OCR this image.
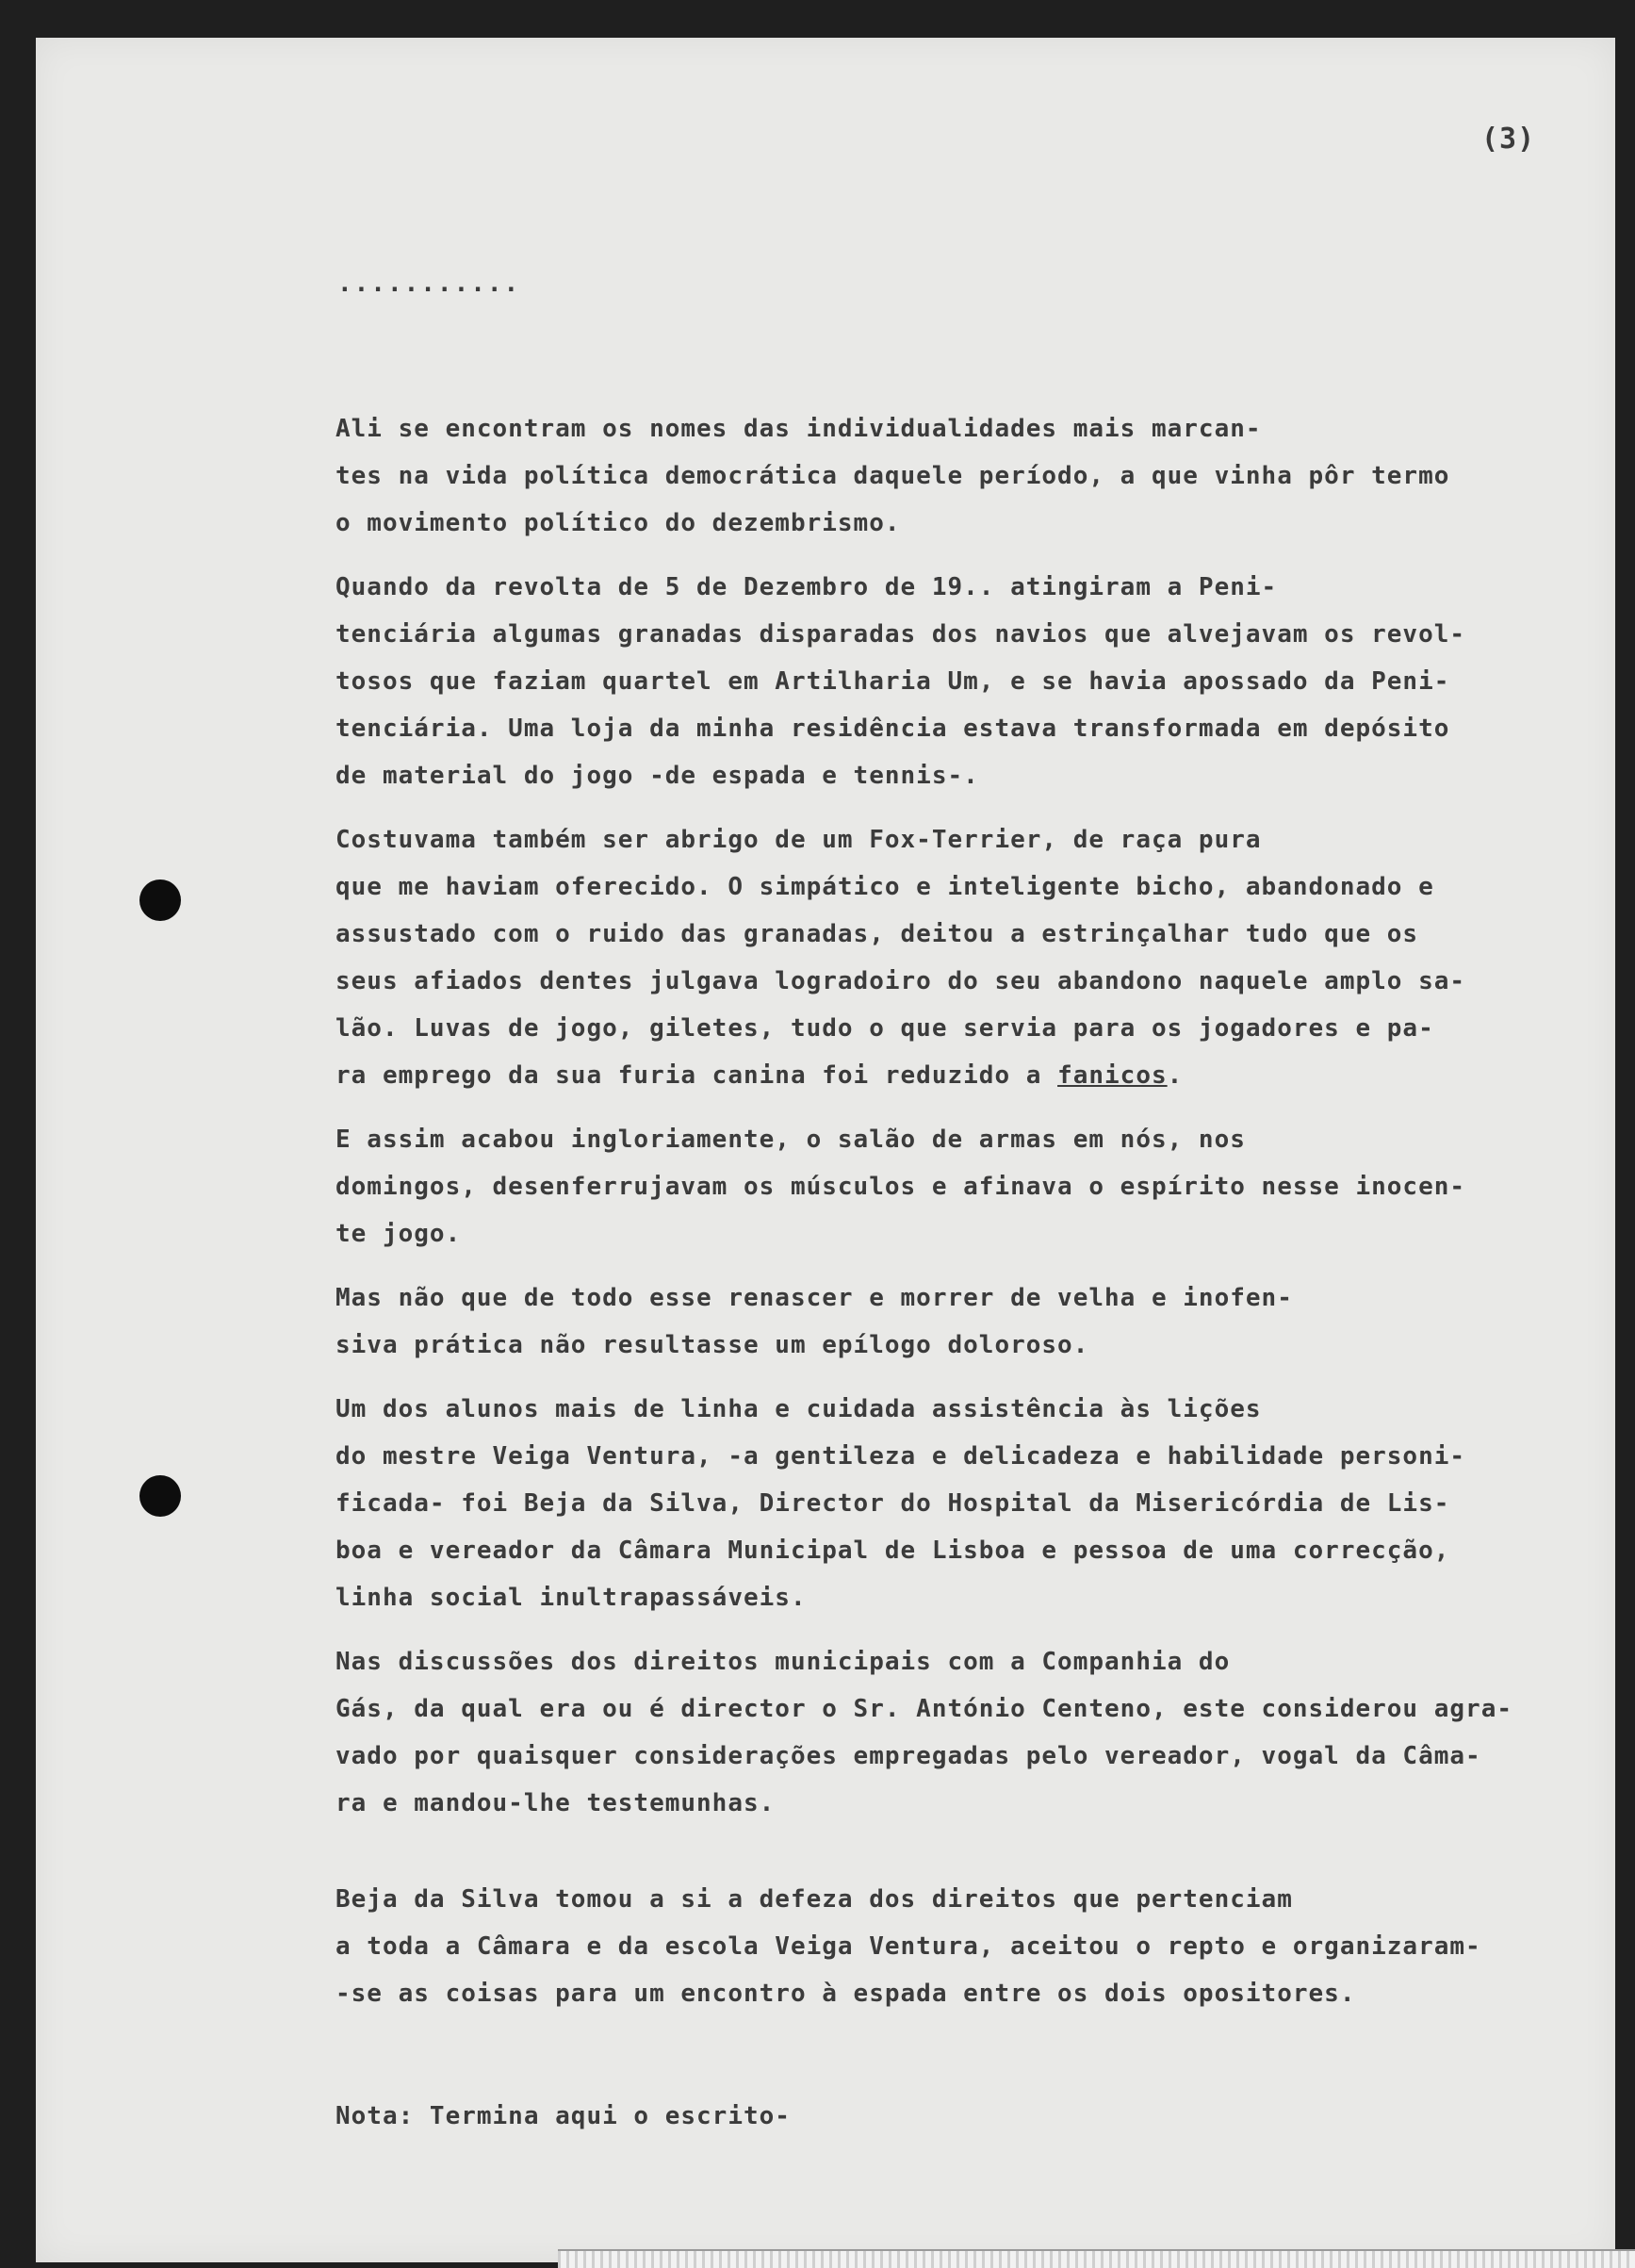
(3)
...........

Ali se encontram os nomes das individualidades mais marcan-
tes na vida política democrática daquele período, a que vinha pôr termo
o movimento político do dezembrismo.

Quando da revolta de 5 de Dezembro de 19.. atingiram a Peni-
tenciária algumas granadas disparadas dos navios que alvejavam os revol-
tosos que faziam quartel em Artilharia Um, e se havia apossado da Peni-
tenciária. Uma loja da minha residência estava transformada em depósito
de material do jogo -de espada e tennis-.

Costuvama também ser abrigo de um Fox-Terrier, de raça pura
que me haviam oferecido. O simpático e inteligente bicho, abandonado e
assustado com o ruido das granadas, deitou a estrinçalhar tudo que os
seus afiados dentes julgava logradoiro do seu abandono naquele amplo sa-
lão. Luvas de jogo, giletes, tudo o que servia para os jogadores e pa-
ra emprego da sua furia canina foi reduzido a fanicos.

E assim acabou ingloriamente, o salão de armas em nós, nos
domingos, desenferrujavam os músculos e afinava o espírito nesse inocen-
te jogo.

Mas não que de todo esse renascer e morrer de velha e inofen-
siva prática não resultasse um epílogo doloroso.

Um dos alunos mais de linha e cuidada assistência às lições
do mestre Veiga Ventura, -a gentileza e delicadeza e habilidade personi-
ficada- foi Beja da Silva, Director do Hospital da Misericórdia de Lis-
boa e vereador da Câmara Municipal de Lisboa e pessoa de uma correcção,
linha social inultrapassáveis.

Nas discussões dos direitos municipais com a Companhia do
Gás, da qual era ou é director o Sr. António Centeno, este considerou agra-
vado por quaisquer considerações empregadas pelo vereador, vogal da Câma-
ra e mandou-lhe testemunhas.

Beja da Silva tomou a si a defeza dos direitos que pertenciam
a toda a Câmara e da escola Veiga Ventura, aceitou o repto e organizaram-
-se as coisas para um encontro à espada entre os dois opositores.

Nota: Termina aqui o escrito-
